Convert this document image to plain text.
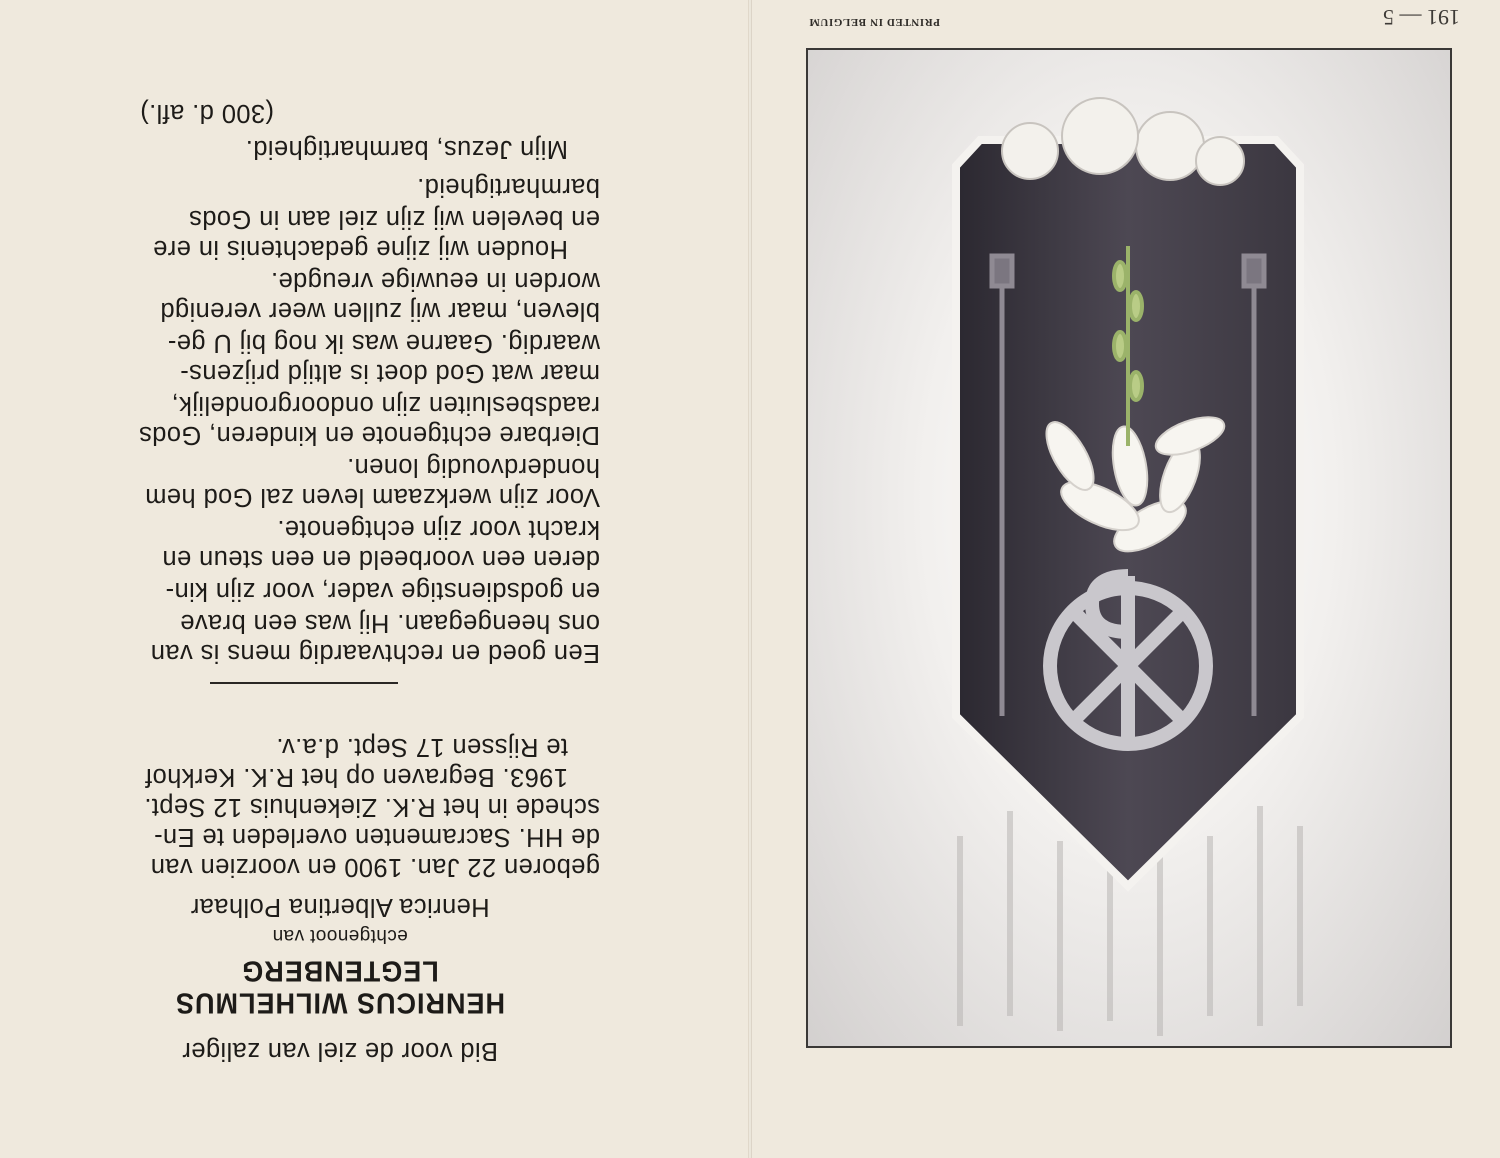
PRINTED IN BELGIUM	191 — 5
Bid voor de ziel van zaliger
HENRICUS WILHELMUS
LEGTENBERG
echtgenoot van
Henrica Albertina Polhaar
geboren 22 Jan. 1900 en voorzien van
de HH. Sacramenten overleden te En-
schede in het R.K. Ziekenhuis 12 Sept.
1963. Begraven op het R.K. Kerkhof
te Rijssen 17 Sept. d.a.v.
Een goed en rechtvaardig mens is van
ons heengegaan. Hij was een brave
en godsdienstige vader, voor zijn kin-
deren een voorbeeld en een steun en
kracht voor zijn echtgenote.
Voor zijn werkzaam leven zal God hem
honderdvoudig lonen.
Dierbare echtgenote en kinderen, Gods
raadsbesluiten zijn ondoorgrondelijk,
maar wat God doet is altijd prijzens-
waardig. Gaarne was ik nog bij U ge-
bleven, maar wij zullen weer verenigd
worden in eeuwige vreugde.
Houden wij zijne gedachtenis in ere
en bevelen wij zijn ziel aan in Gods
barmhartigheid.
Mijn Jezus, barmhartigheid.
(300 d. afl.)
